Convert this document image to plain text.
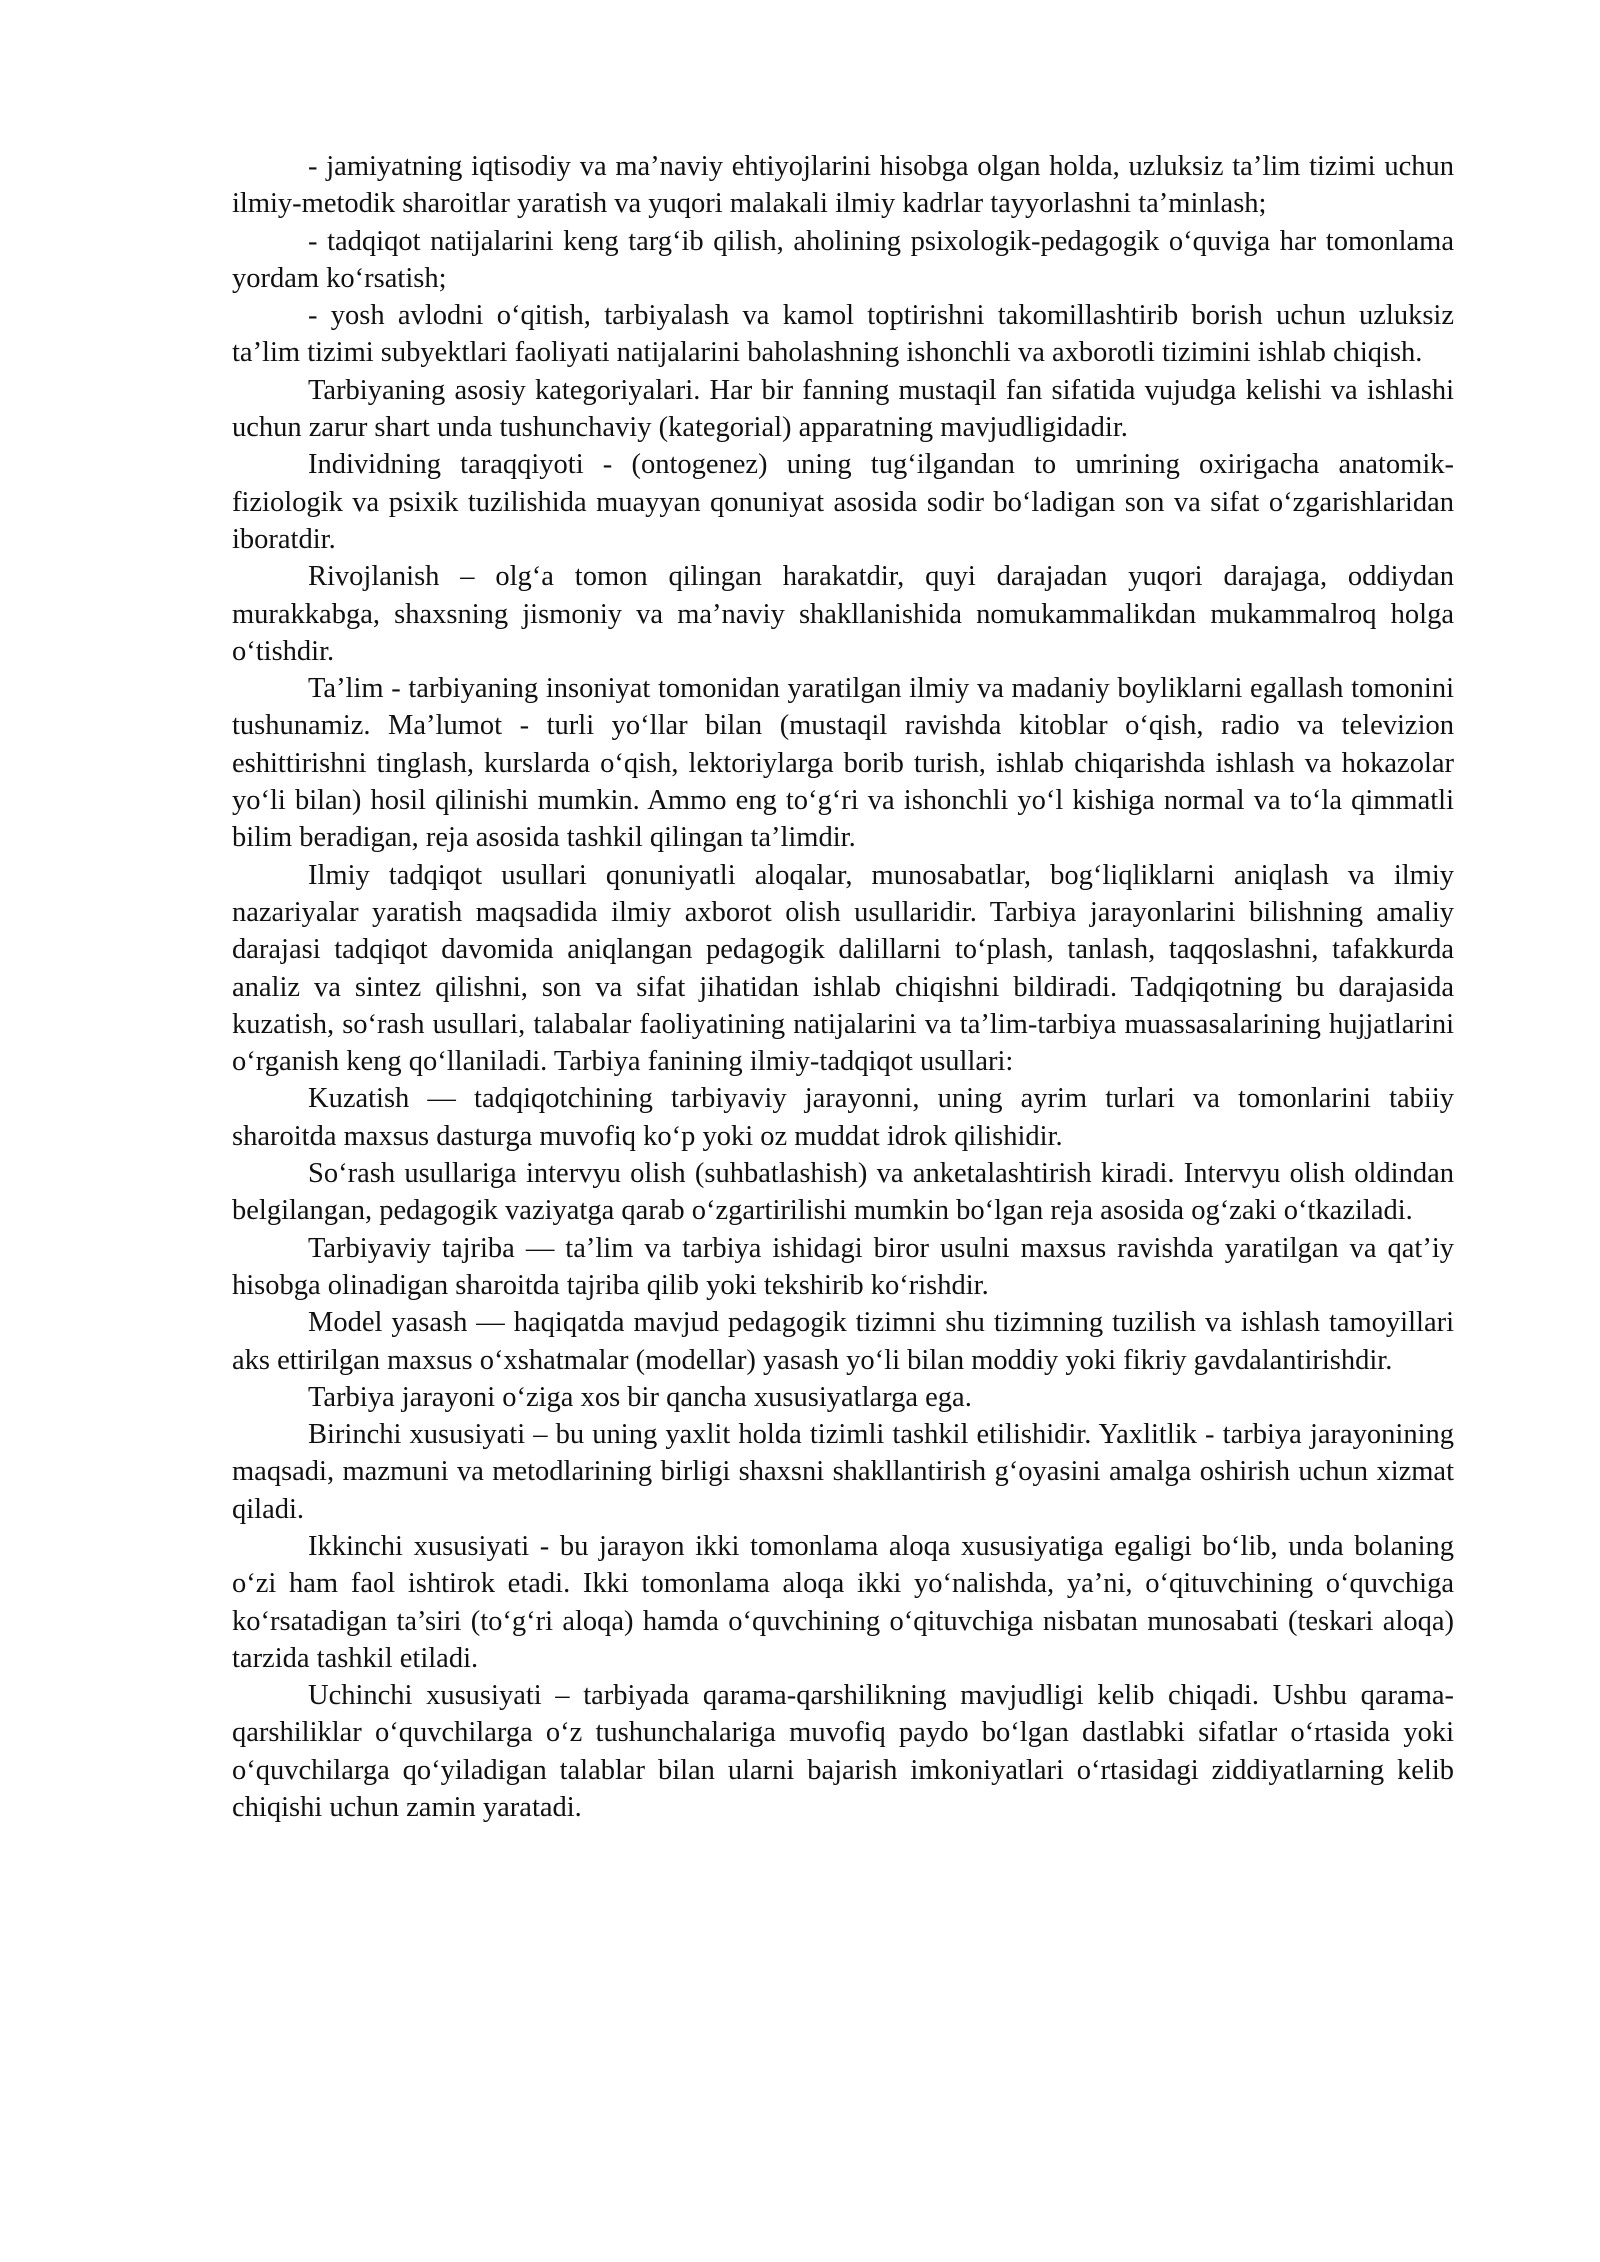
- jamiyatning iqtisodiy va ma’naviy ehtiyojlarini hisobga olgan holda, uzluksiz ta’lim tizimi uchun ilmiy-metodik sharoitlar yaratish va yuqori malakali ilmiy kadrlar tayyorlashni ta’minlash;

- tadqiqot natijalarini keng targ‘ib qilish, aholining psixologik-pedagogik o‘quviga har tomonlama yordam ko‘rsatish;

- yosh avlodni o‘qitish, tarbiyalash va kamol toptirishni takomillashtirib borish uchun uzluksiz ta’lim tizimi subyektlari faoliyati natijalarini baholashning ishonchli va axborotli tizimini ishlab chiqish.

Tarbiyaning asosiy kategoriyalari. Har bir fanning mustaqil fan sifatida vujudga kelishi va ishlashi uchun zarur shart unda tushunchaviy (kategorial) apparatning mavjudligidadir.

Individning taraqqiyoti - (ontogenez) uning tug‘ilgandan to umrining oxirigacha anatomik-fiziologik va psixik tuzilishida muayyan qonuniyat asosida sodir bo‘ladigan son va sifat o‘zgarishlaridan iboratdir.

Rivojlanish – olg‘a tomon qilingan harakatdir, quyi darajadan yuqori darajaga, oddiydan murakkabga, shaxsning jismoniy va ma’naviy shakllanishida nomukammalikdan mukammalroq holga o‘tishdir.

Ta’lim - tarbiyaning insoniyat tomonidan yaratilgan ilmiy va madaniy boyliklarni egallash tomonini tushunamiz. Ma’lumot - turli yo‘llar bilan (mustaqil ravishda kitoblar o‘qish, radio va televizion eshittirishni tinglash, kurslarda o‘qish, lektoriylarga borib turish, ishlab chiqarishda ishlash va hokazolar yo‘li bilan) hosil qilinishi mumkin. Ammo eng to‘g‘ri va ishonchli yo‘l kishiga normal va to‘la qimmatli bilim beradigan, reja asosida tashkil qilingan ta’limdir.

Ilmiy tadqiqot usullari qonuniyatli aloqalar, munosabatlar, bog‘liqliklarni aniqlash va ilmiy nazariyalar yaratish maqsadida ilmiy axborot olish usullaridir. Tarbiya jarayonlarini bilishning amaliy darajasi tadqiqot davomida aniqlangan pedagogik dalillarni to‘plash, tanlash, taqqoslashni, tafakkurda analiz va sintez qilishni, son va sifat jihatidan ishlab chiqishni bildiradi. Tadqiqotning bu darajasida kuzatish, so‘rash usullari, talabalar faoliyatining natijalarini va ta’lim-tarbiya muassasalarining hujjatlarini o‘rganish keng qo‘llaniladi. Tarbiya fanining ilmiy-tadqiqot usullari:

Kuzatish — tadqiqotchining tarbiyaviy jarayonni, uning ayrim turlari va tomonlarini tabiiy sharoitda maxsus dasturga muvofiq ko‘p yoki oz muddat idrok qilishidir.

So‘rash usullariga intervyu olish (suhbatlashish) va anketalashtirish kiradi. Intervyu olish oldindan belgilangan, pedagogik vaziyatga qarab o‘zgartirilishi mumkin bo‘lgan reja asosida og‘zaki o‘tkaziladi.

Tarbiyaviy tajriba — ta’lim va tarbiya ishidagi biror usulni maxsus ravishda yaratilgan va qat’iy hisobga olinadigan sharoitda tajriba qilib yoki tekshirib ko‘rishdir.

Model yasash — haqiqatda mavjud pedagogik tizimni shu tizimning tuzilish va ishlash tamoyillari aks ettirilgan maxsus o‘xshatmalar (modellar) yasash yo‘li bilan moddiy yoki fikriy gavdalantirishdir.

Tarbiya jarayoni o‘ziga xos bir qancha xususiyatlarga ega.

Birinchi xususiyati – bu uning yaxlit holda tizimli tashkil etilishidir. Yaxlitlik - tarbiya jarayonining maqsadi, mazmuni va metodlarining birligi shaxsni shakllantirish g‘oyasini amalga oshirish uchun xizmat qiladi.

Ikkinchi xususiyati - bu jarayon ikki tomonlama aloqa xususiyatiga egaligi bo‘lib, unda bolaning o‘zi ham faol ishtirok etadi. Ikki tomonlama aloqa ikki yo‘nalishda, ya’ni, o‘qituvchining o‘quvchiga ko‘rsatadigan ta’siri (to‘g‘ri aloqa) hamda o‘quvchining o‘qituvchiga nisbatan munosabati (teskari aloqa) tarzida tashkil etiladi.

Uchinchi xususiyati – tarbiyada qarama-qarshilikning mavjudligi kelib chiqadi. Ushbu qarama-qarshiliklar o‘quvchilarga o‘z tushunchalariga muvofiq paydo bo‘lgan dastlabki sifatlar o‘rtasida yoki o‘quvchilarga qo‘yiladigan talablar bilan ularni bajarish imkoniyatlari o‘rtasidagi ziddiyatlarning kelib chiqishi uchun zamin yaratadi.
